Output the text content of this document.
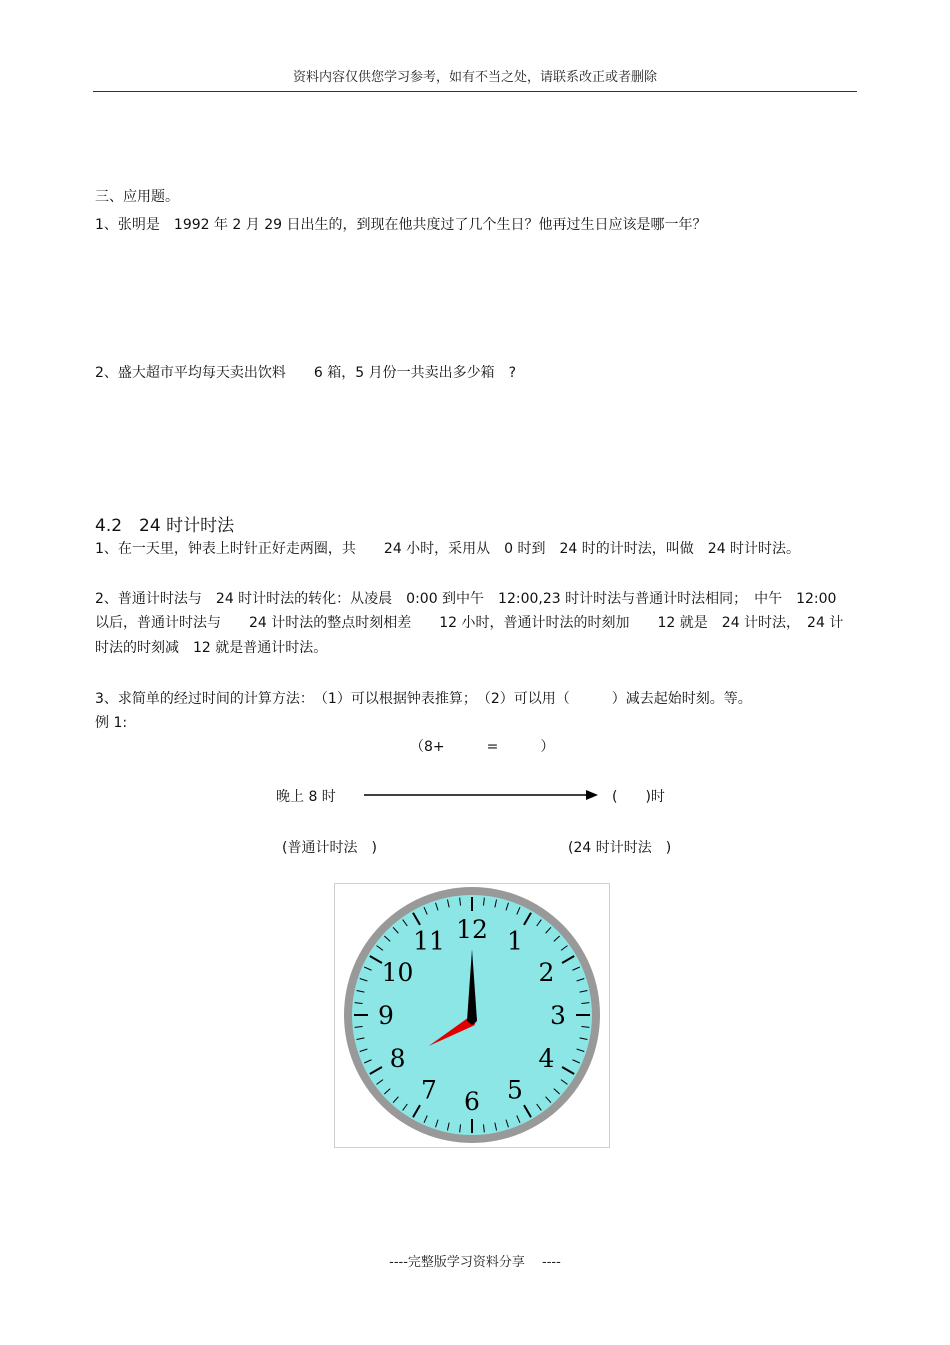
资料内容仅供您学习参考，如有不当之处，请联系改正或者删除
三、应用题。
1、张明是　1992 年 2 月 29 日出生的，到现在他共度过了几个生日？他再过生日应该是哪一年？
2、盛大超市平均每天卖出饮料　　6 箱，5 月份一共卖出多少箱　?
4.2　24 时计时法
1、在一天里，钟表上时针正好走两圈，共　　24 小时，采用从　0 时到　24 时的计时法，叫做　24 时计时法。
2、普通计时法与　24 时计时法的转化：从凌晨　0:00 到中午　12:00,23 时计时法与普通计时法相同；　中午　12:00
以后，普通计时法与　　24 计时法的整点时刻相差　　12 小时，普通计时法的时刻加　　12 就是　24 计时法，　24 计
时法的时刻减　12 就是普通计时法。
3、求简单的经过时间的计算方法：　（1）可以根据钟表推算；　（2）可以用（　　　）减去起始时刻。等。
例 1:
（8+　　　=　　　）
晚上 8 时	(　　)时
(普通计时法　)	(24 时计时法　)
12 1
2
3
4
5
6
7
8
9
10
11
----完整版学习资料分享　 ----
